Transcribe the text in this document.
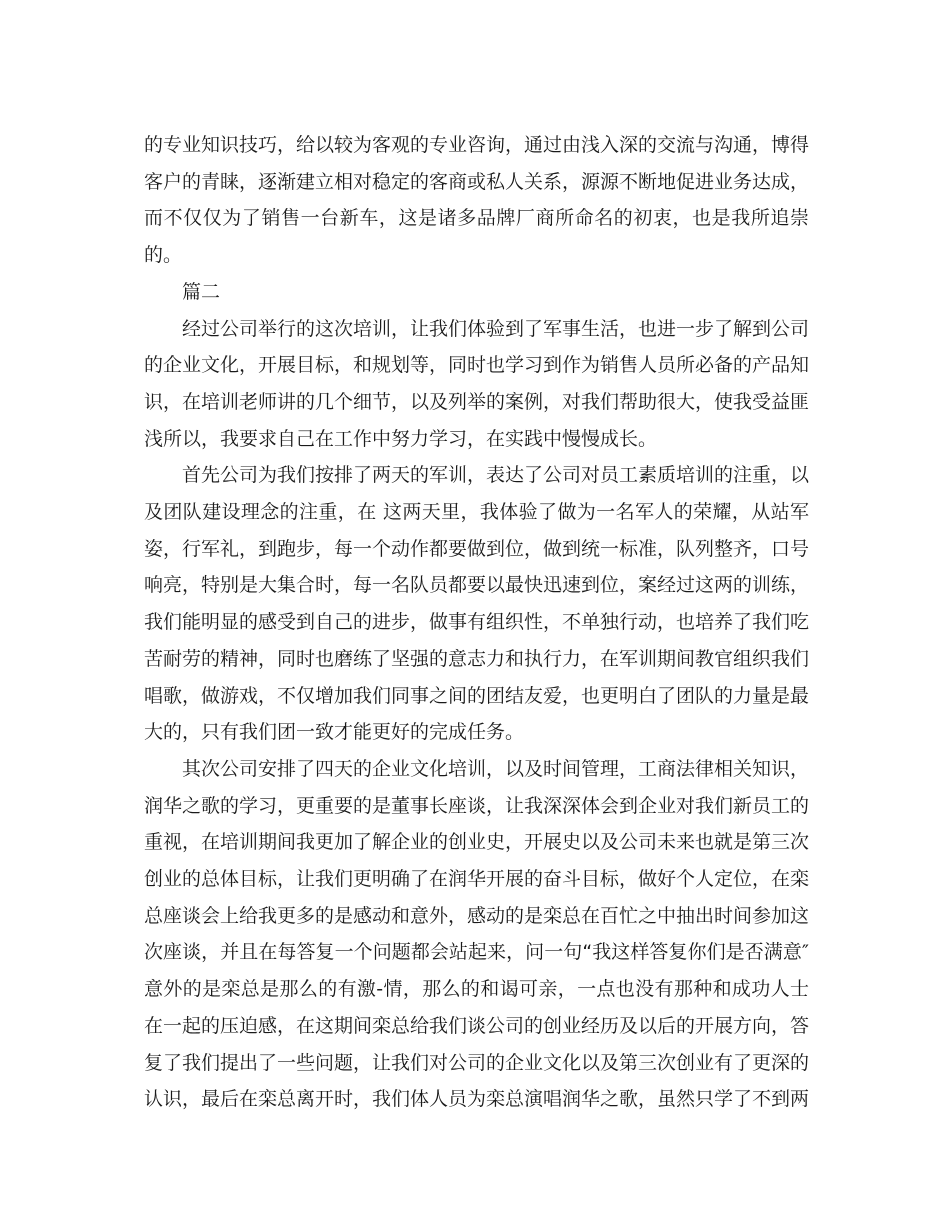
的专业知识技巧，给以较为客观的专业咨询，通过由浅入深的交流与沟通，博得客户的青睐，逐渐建立相对稳定的客商或私人关系，源源不断地促进业务达成，而不仅仅为了销售一台新车，这是诸多品牌厂商所命名的初衷，也是我所追崇的。

篇二

经过公司举行的这次培训，让我们体验到了军事生活，也进一步了解到公司的企业文化，开展目标，和规划等，同时也学习到作为销售人员所必备的产品知识，在培训老师讲的几个细节，以及列举的案例，对我们帮助很大，使我受益匪浅所以，我要求自己在工作中努力学习，在实践中慢慢成长。

首先公司为我们按排了两天的军训，表达了公司对员工素质培训的注重，以及团队建设理念的注重，在 这两天里，我体验了做为一名军人的荣耀，从站军姿，行军礼，到跑步，每一个动作都要做到位，做到统一标准，队列整齐，口号响亮，特别是大集合时，每一名队员都要以最快迅速到位，案经过这两的训练，我们能明显的感受到自己的进步，做事有组织性，不单独行动，也培养了我们吃苦耐劳的精神，同时也磨练了坚强的意志力和执行力，在军训期间教官组织我们唱歌，做游戏，不仅增加我们同事之间的团结友爱，也更明白了团队的力量是最大的，只有我们团一致才能更好的完成任务。

其次公司安排了四天的企业文化培训，以及时间管理，工商法律相关知识，润华之歌的学习，更重要的是董事长座谈，让我深深体会到企业对我们新员工的重视，在培训期间我更加了解企业的创业史，开展史以及公司未来也就是第三次创业的总体目标，让我们更明确了在润华开展的奋斗目标，做好个人定位，在栾总座谈会上给我更多的是感动和意外，感动的是栾总在百忙之中抽出时间参加这次座谈，并且在每答复一个问题都会站起来，问一句“我这样答复你们是否满意″意外的是栾总是那么的有激-情，那么的和谒可亲，一点也没有那种和成功人士在一起的压迫感，在这期间栾总给我们谈公司的创业经历及以后的开展方向，答复了我们提出了一些问题，让我们对公司的企业文化以及第三次创业有了更深的认识，最后在栾总离开时，我们体人员为栾总演唱润华之歌，虽然只学了不到两
